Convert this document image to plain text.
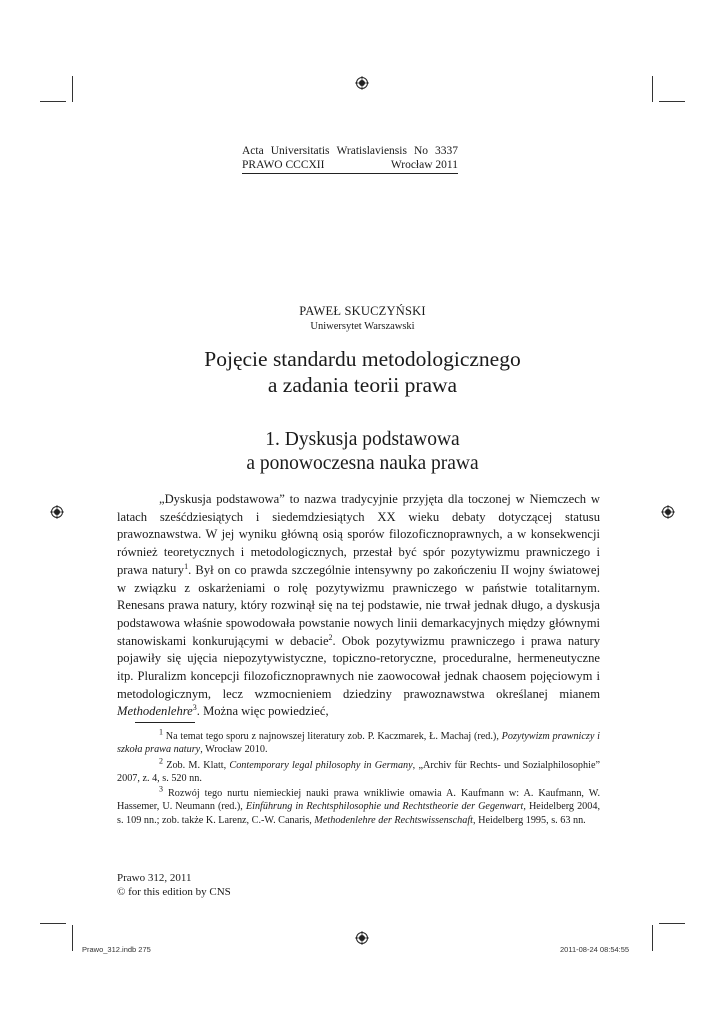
Acta Universitatis Wratislaviensis No 3337
PRAWO CCCXII	Wrocław 2011
PAWEŁ SKUCZYŃSKI
Uniwersytet Warszawski
Pojęcie standardu metodologicznego
a zadania teorii prawa
1. Dyskusja podstawowa
a ponowoczesna nauka prawa

„Dyskusja podstawowa” to nazwa tradycyjnie przyjęta dla toczonej w Niemczech w latach sześćdziesiątych i siedemdziesiątych XX wieku debaty dotyczącej statusu prawoznawstwa. W jej wyniku główną osią sporów filozoficznoprawnych, a w konsekwencji również teoretycznych i metodologicznych, przestał być spór pozytywizmu prawniczego i prawa natury$^1$. Był on co prawda szczególnie intensywny po zakończeniu II wojny światowej w związku z oskarżeniami o rolę pozytywizmu prawniczego w państwie totalitarnym. Renesans prawa natury, który rozwinął się na tej podstawie, nie trwał jednak długo, a dyskusja podstawowa właśnie spowodowała powstanie nowych linii demarkacyjnych między głównymi stanowiskami konkurującymi w debacie$^2$. Obok pozytywizmu prawniczego i prawa natury pojawiły się ujęcia niepozytywistyczne, topiczno-retoryczne, proceduralne, hermeneutyczne itp. Pluralizm koncepcji filozoficznoprawnych nie zaowocował jednak chaosem pojęciowym i metodologicznym, lecz wzmocnieniem dziedziny prawoznawstwa określanej mianem Methodenlehre$^3$. Można więc powiedzieć,

$^1$ Na temat tego sporu z najnowszej literatury zob. P. Kaczmarek, Ł. Machaj (red.), Pozytywizm prawniczy i szkoła prawa natury, Wrocław 2010.

$^2$ Zob. M. Klatt, Contemporary legal philosophy in Germany, „Archiv für Rechts- und Sozialphilosophie” 2007, z. 4, s. 520 nn.

$^3$ Rozwój tego nurtu niemieckiej nauki prawa wnikliwie omawia A. Kaufmann w: A. Kaufmann, W. Hassemer, U. Neumann (red.), Einführung in Rechtsphilosophie und Rechtstheorie der Gegenwart, Heidelberg 2004, s. 109 nn.; zob. także K. Larenz, C.-W. Canaris, Methodenlehre der Rechtswissenschaft, Heidelberg 1995, s. 63 nn.

Prawo 312, 2011
© for this edition by CNS
Prawo_312.indb 275	2011-08-24 08:54:55
